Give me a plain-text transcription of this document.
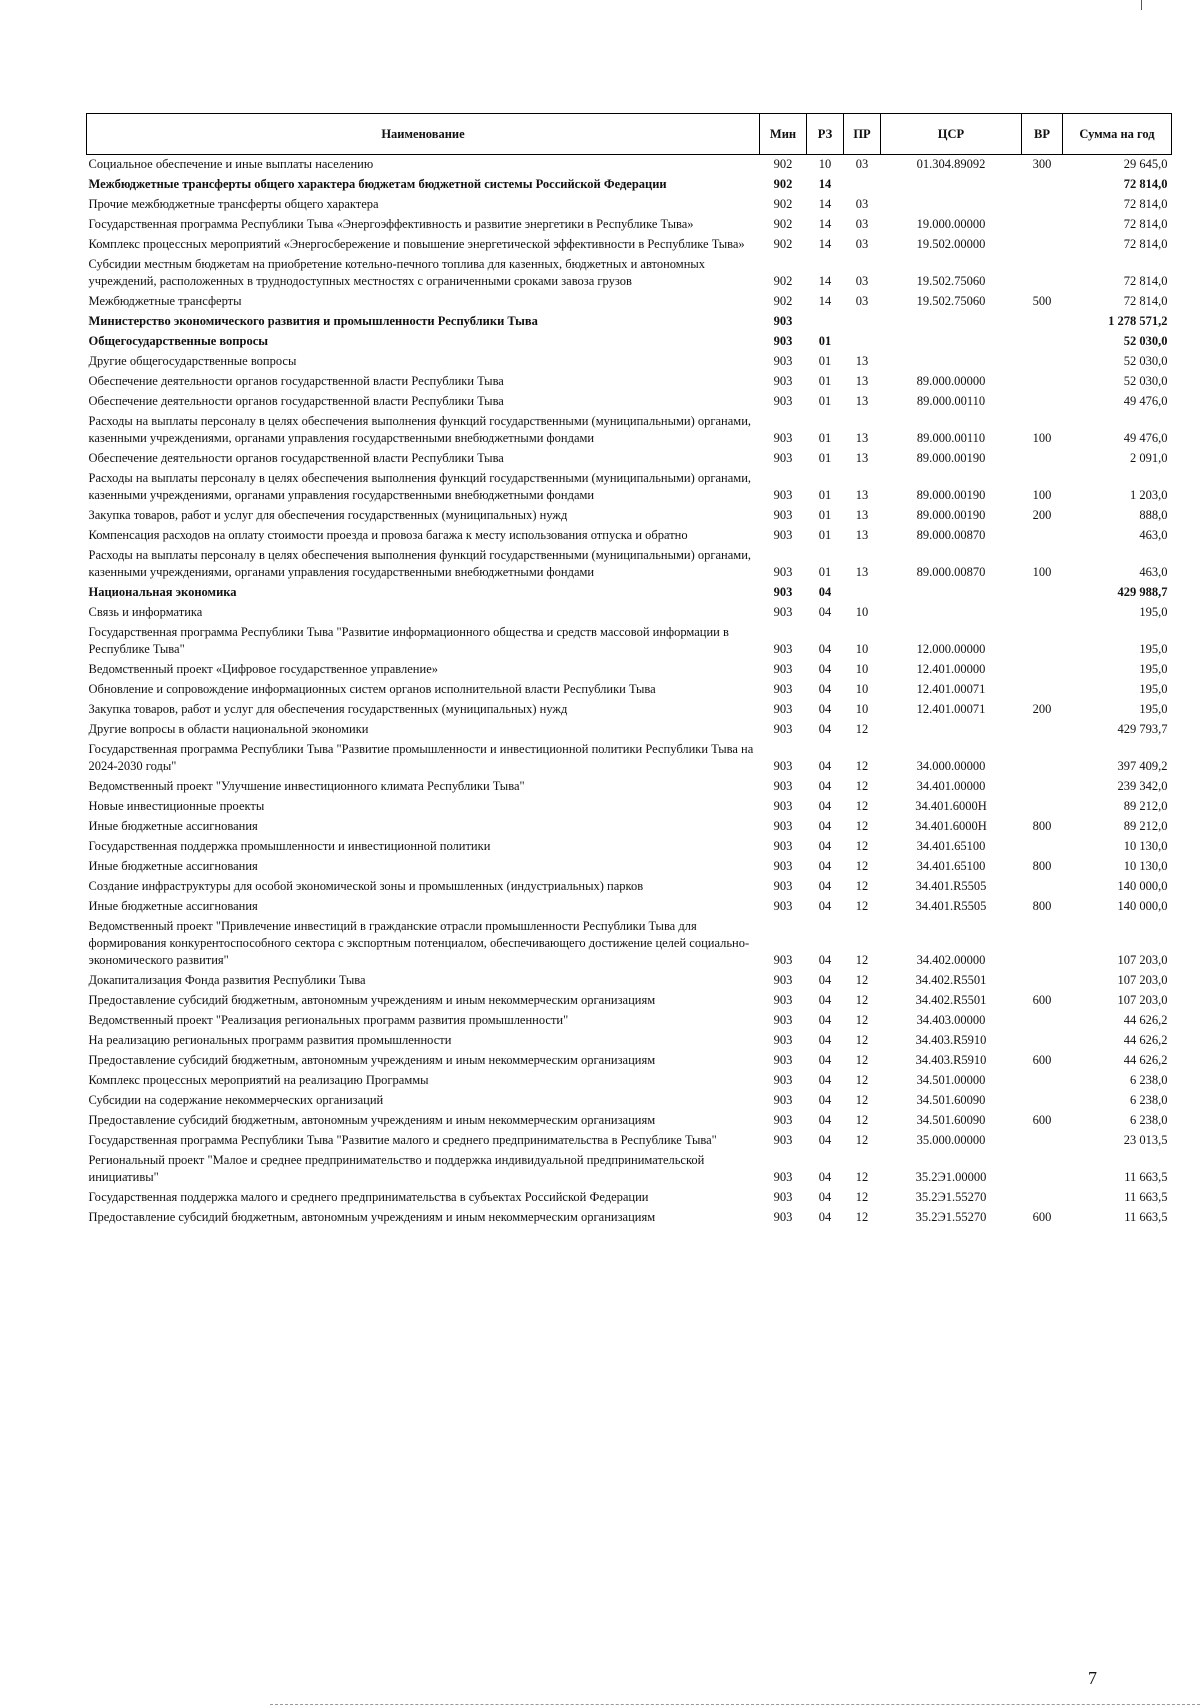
Наименование	Мин	РЗ	ПР	ЦСР	ВР	Сумма на год
Социальное обеспечение и иные выплаты населению	902	10	03	01.304.89092	300	29 645,0
Межбюджетные трансферты общего характера бюджетам бюджетной системы Российской Федерации	902	14				72 814,0
Прочие межбюджетные трансферты общего характера	902	14	03			72 814,0
Государственная программа Республики Тыва «Энергоэффективность и развитие энергетики в Республике Тыва»	902	14	03	19.000.00000		72 814,0
Комплекс процессных мероприятий «Энергосбережение и повышение энергетической эффективности в Республике Тыва»	902	14	03	19.502.00000		72 814,0
Субсидии местным бюджетам на приобретение котельно-печного топлива для казенных, бюджетных и автономных учреждений, расположенных в труднодоступных местностях с ограниченными сроками завоза грузов	902	14	03	19.502.75060		72 814,0
Межбюджетные трансферты	902	14	03	19.502.75060	500	72 814,0
Министерство экономического развития и промышленности Республики Тыва	903					1 278 571,2
Общегосударственные вопросы	903	01				52 030,0
Другие общегосударственные вопросы	903	01	13			52 030,0
Обеспечение деятельности органов государственной власти Республики Тыва	903	01	13	89.000.00000		52 030,0
Обеспечение деятельности органов государственной власти Республики Тыва	903	01	13	89.000.00110		49 476,0
Расходы на выплаты персоналу в целях обеспечения выполнения функций государственными (муниципальными) органами, казенными учреждениями, органами управления государственными внебюджетными фондами	903	01	13	89.000.00110	100	49 476,0
Обеспечение деятельности органов государственной власти Республики Тыва	903	01	13	89.000.00190		2 091,0
Расходы на выплаты персоналу в целях обеспечения выполнения функций государственными (муниципальными) органами, казенными учреждениями, органами управления государственными внебюджетными фондами	903	01	13	89.000.00190	100	1 203,0
Закупка товаров, работ и услуг для обеспечения государственных (муниципальных) нужд	903	01	13	89.000.00190	200	888,0
Компенсация расходов на оплату стоимости проезда и провоза багажа к месту использования отпуска и обратно	903	01	13	89.000.00870		463,0
Расходы на выплаты персоналу в целях обеспечения выполнения функций государственными (муниципальными) органами, казенными учреждениями, органами управления государственными внебюджетными фондами	903	01	13	89.000.00870	100	463,0
Национальная экономика	903	04				429 988,7
Связь и информатика	903	04	10			195,0
Государственная программа Республики Тыва "Развитие информационного общества и средств массовой информации в Республике Тыва"	903	04	10	12.000.00000		195,0
Ведомственный проект «Цифровое государственное управление»	903	04	10	12.401.00000		195,0
Обновление и сопровождение информационных систем органов исполнительной власти Республики Тыва	903	04	10	12.401.00071		195,0
Закупка товаров, работ и услуг для обеспечения государственных (муниципальных) нужд	903	04	10	12.401.00071	200	195,0
Другие вопросы в области национальной экономики	903	04	12			429 793,7
Государственная программа Республики Тыва "Развитие промышленности и инвестиционной политики Республики Тыва на 2024-2030 годы"	903	04	12	34.000.00000		397 409,2
Ведомственный проект "Улучшение инвестиционного климата Республики Тыва"	903	04	12	34.401.00000		239 342,0
Новые инвестиционные проекты	903	04	12	34.401.6000Н		89 212,0
Иные бюджетные ассигнования	903	04	12	34.401.6000Н	800	89 212,0
Государственная поддержка промышленности и инвестиционной политики	903	04	12	34.401.65100		10 130,0
Иные бюджетные ассигнования	903	04	12	34.401.65100	800	10 130,0
Создание инфраструктуры для особой экономической зоны и промышленных (индустриальных) парков	903	04	12	34.401.R5505		140 000,0
Иные бюджетные ассигнования	903	04	12	34.401.R5505	800	140 000,0
Ведомственный проект "Привлечение инвестиций в гражданские отрасли промышленности Республики Тыва для формирования конкурентоспособного сектора с экспортным потенциалом, обеспечивающего достижение целей социально-экономического развития"	903	04	12	34.402.00000		107 203,0
Докапитализация Фонда развития Республики Тыва	903	04	12	34.402.R5501		107 203,0
Предоставление субсидий бюджетным, автономным учреждениям и иным некоммерческим организациям	903	04	12	34.402.R5501	600	107 203,0
Ведомственный проект "Реализация региональных программ развития промышленности"	903	04	12	34.403.00000		44 626,2
На реализацию региональных программ развития промышленности	903	04	12	34.403.R5910		44 626,2
Предоставление субсидий бюджетным, автономным учреждениям и иным некоммерческим организациям	903	04	12	34.403.R5910	600	44 626,2
Комплекс процессных мероприятий на реализацию Программы	903	04	12	34.501.00000		6 238,0
Субсидии на содержание некоммерческих организаций	903	04	12	34.501.60090		6 238,0
Предоставление субсидий бюджетным, автономным учреждениям и иным некоммерческим организациям	903	04	12	34.501.60090	600	6 238,0
Государственная программа Республики Тыва "Развитие малого и среднего предпринимательства в Республике Тыва"	903	04	12	35.000.00000		23 013,5
Региональный проект "Малое и среднее предпринимательство и поддержка индивидуальной предпринимательской инициативы"	903	04	12	35.2Э1.00000		11 663,5
Государственная поддержка малого и среднего предпринимательства в субъектах Российской Федерации	903	04	12	35.2Э1.55270		11 663,5
Предоставление субсидий бюджетным, автономным учреждениям и иным некоммерческим организациям	903	04	12	35.2Э1.55270	600	11 663,5
7
